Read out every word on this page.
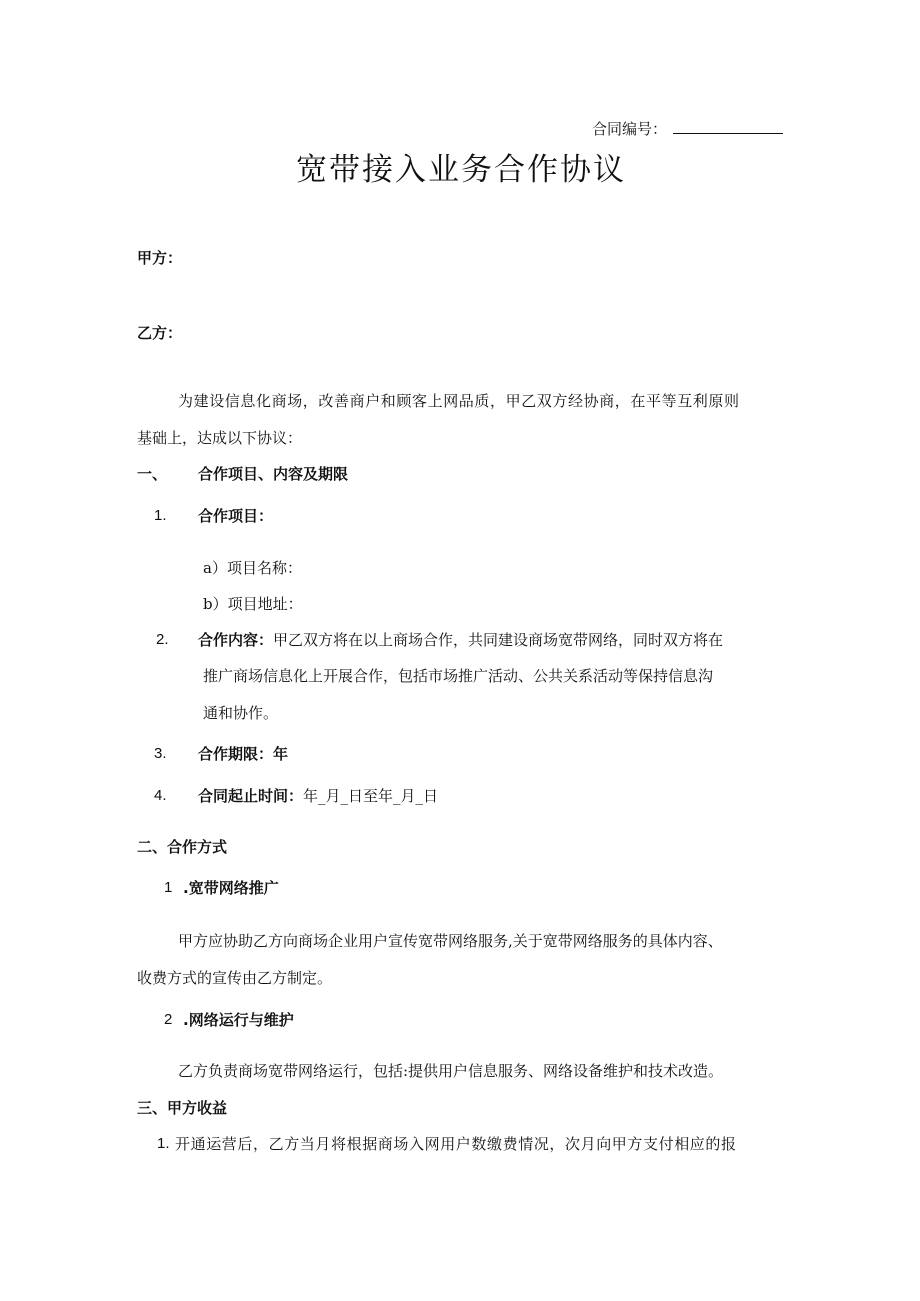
合同编号：
宽带接入业务合作协议
甲方：
乙方：
为建设信息化商场，改善商户和顾客上网品质，甲乙双方经协商，在平等互利原则
基础上，达成以下协议：
一、 合作项目、内容及期限
1. 合作项目：
a）项目名称：
b）项目地址：
2. 合作内容：甲乙双方将在以上商场合作，共同建设商场宽带网络，同时双方将在
推广商场信息化上开展合作，包括市场推广活动、公共关系活动等保持信息沟
通和协作。
3. 合作期限：年
4. 合同起止时间：年_月_日至年_月_日
二、合作方式
1 .宽带网络推广
甲方应协助乙方向商场企业用户宣传宽带网络服务,关于宽带网络服务的具体内容、
收费方式的宣传由乙方制定。
2 .网络运行与维护
乙方负责商场宽带网络运行，包括:提供用户信息服务、网络设备维护和技术改造。
三、甲方收益
1. 开通运营后，乙方当月将根据商场入网用户数缴费情况，次月向甲方支付相应的报
